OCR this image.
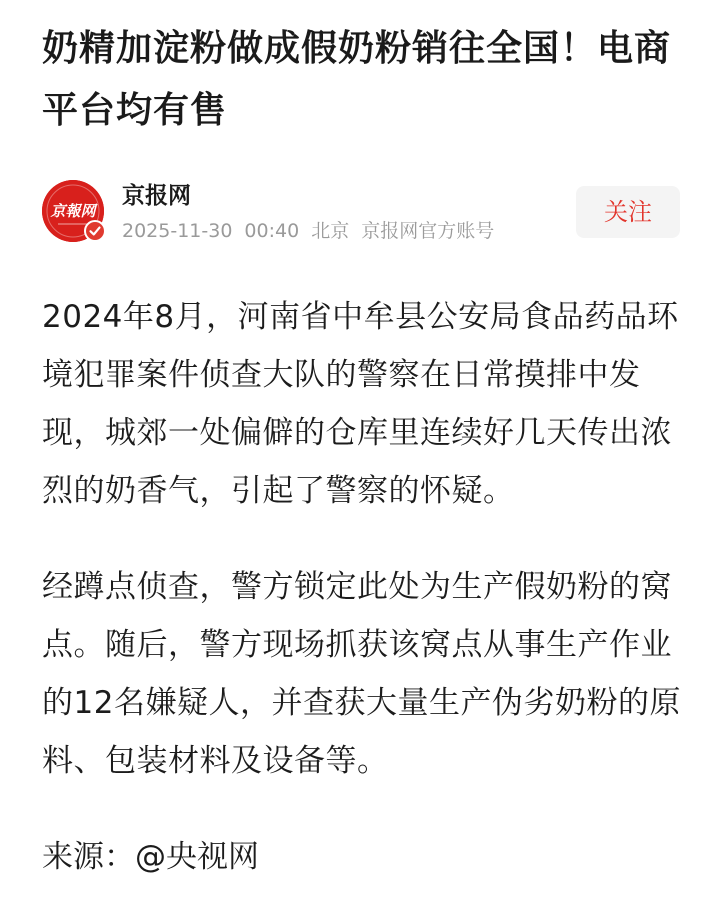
奶精加淀粉做成假奶粉销往全国！电商平台均有售
京報网
京报网
2025-11-30 00:40 北京 京报网官方账号
关注

2024年8月，河南省中牟县公安局食品药品环境犯罪案件侦查大队的警察在日常摸排中发现，城郊一处偏僻的仓库里连续好几天传出浓烈的奶香气，引起了警察的怀疑。

经蹲点侦查，警方锁定此处为生产假奶粉的窝点。随后，警方现场抓获该窝点从事生产作业的12名嫌疑人，并查获大量生产伪劣奶粉的原料、包装材料及设备等。

来源：@央视网
